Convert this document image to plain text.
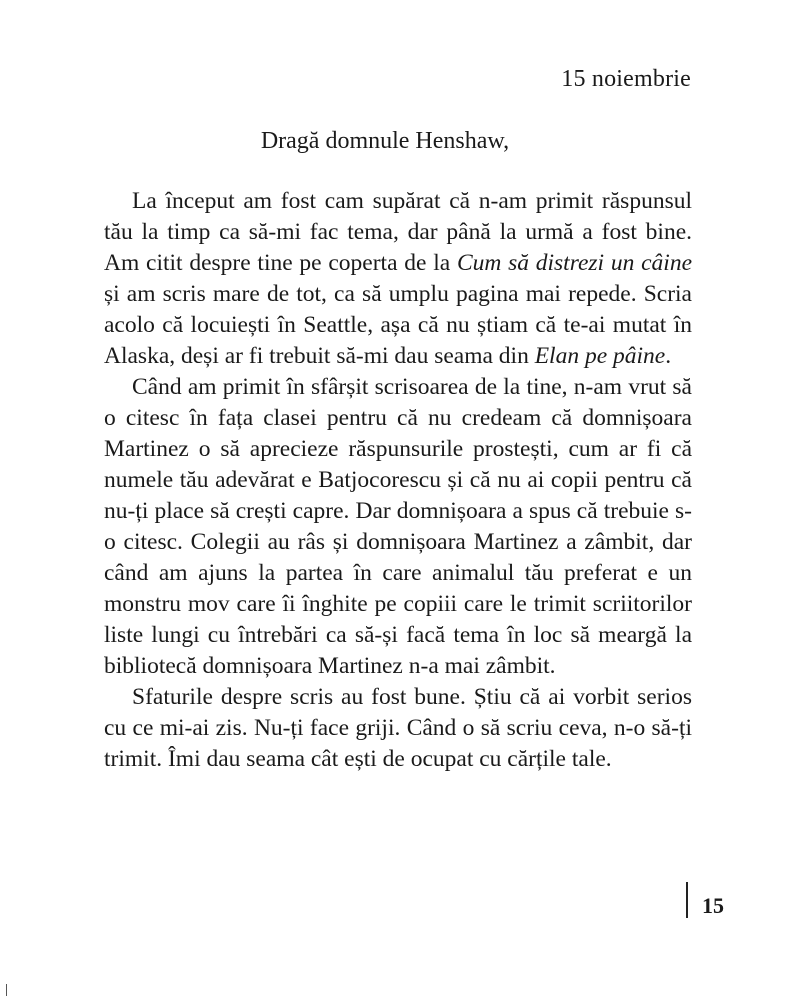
15 noiembrie
Dragă domnule Henshaw,

La început am fost cam supărat că n-am primit răspunsul tău la timp ca să-mi fac tema, dar până la urmă a fost bine. Am citit despre tine pe coperta de la Cum să distrezi un câine și am scris mare de tot, ca să umplu pagina mai repede. Scria acolo că locuiești în Seattle, așa că nu știam că te-ai mutat în Alaska, deși ar fi trebuit să-mi dau seama din Elan pe pâine.

Când am primit în sfârșit scrisoarea de la tine, n-am vrut să o citesc în fața clasei pentru că nu credeam că domnișoara Martinez o să aprecieze răspunsurile prostești, cum ar fi că numele tău adevărat e Batjocorescu și că nu ai copii pentru că nu-ți place să crești capre. Dar domnișoara a spus că trebuie s-o citesc. Colegii au râs și domnișoara Martinez a zâmbit, dar când am ajuns la partea în care animalul tău preferat e un monstru mov care îi înghite pe copiii care le trimit scriitorilor liste lungi cu întrebări ca să-și facă tema în loc să meargă la bibliotecă domnișoara Martinez n-a mai zâmbit.

Sfaturile despre scris au fost bune. Știu că ai vorbit serios cu ce mi-ai zis. Nu-ți face griji. Când o să scriu ceva, n-o să-ți trimit. Îmi dau seama cât ești de ocupat cu cărțile tale.

15
